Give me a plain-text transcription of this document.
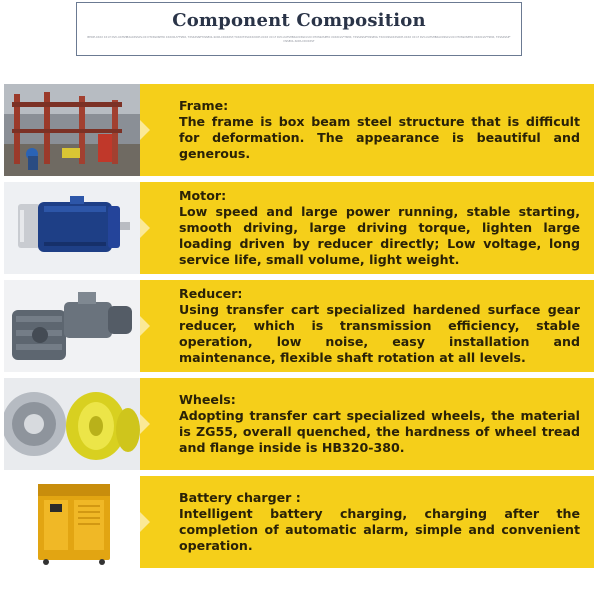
Component Composition
BEICE-XXXX XX LT DVC-XATSHBXAXXSSCV-XX DTXSSXSPHO XXXXCLS*TSMX, TXSSXSSP*DSSEOL.SCPA.CDXXXST,TXXXXTXSXXXXXCH-XXXX XX LT DVC-XATSHBXAXXSSCV-XX DTXSSXSPHO XXXXCLS*TSMX, TXSSXSSP*DSSEOL TXXXXSSXXXSXCH-XXXX XX LT DVC-XATSHBXAXXSSCV-XX DTXSSXSPHO XXXXCLS*TSMX, TXSSXSSP*DSSEOL.SCPA.CDXXXST
Frame:
The frame is box beam steel structure that is difficult for deformation. The appearance is beautiful and generous.
Motor:
Low speed and large power running, stable starting, smooth driving, large driving torque, lighten large loading driven by reducer directly; Low voltage, long service life, small volume, light weight.
Reducer:
Using transfer cart specialized hardened surface gear reducer, which is transmission efficiency, stable operation, low noise, easy installation and maintenance, flexible shaft rotation at all levels.
Wheels:
Adopting transfer cart specialized wheels, the material is ZG55, overall quenched, the hardness of wheel tread and flange inside is HB320-380.
Battery charger :
Intelligent battery charging, charging after the completion of automatic alarm, simple and convenient operation.
